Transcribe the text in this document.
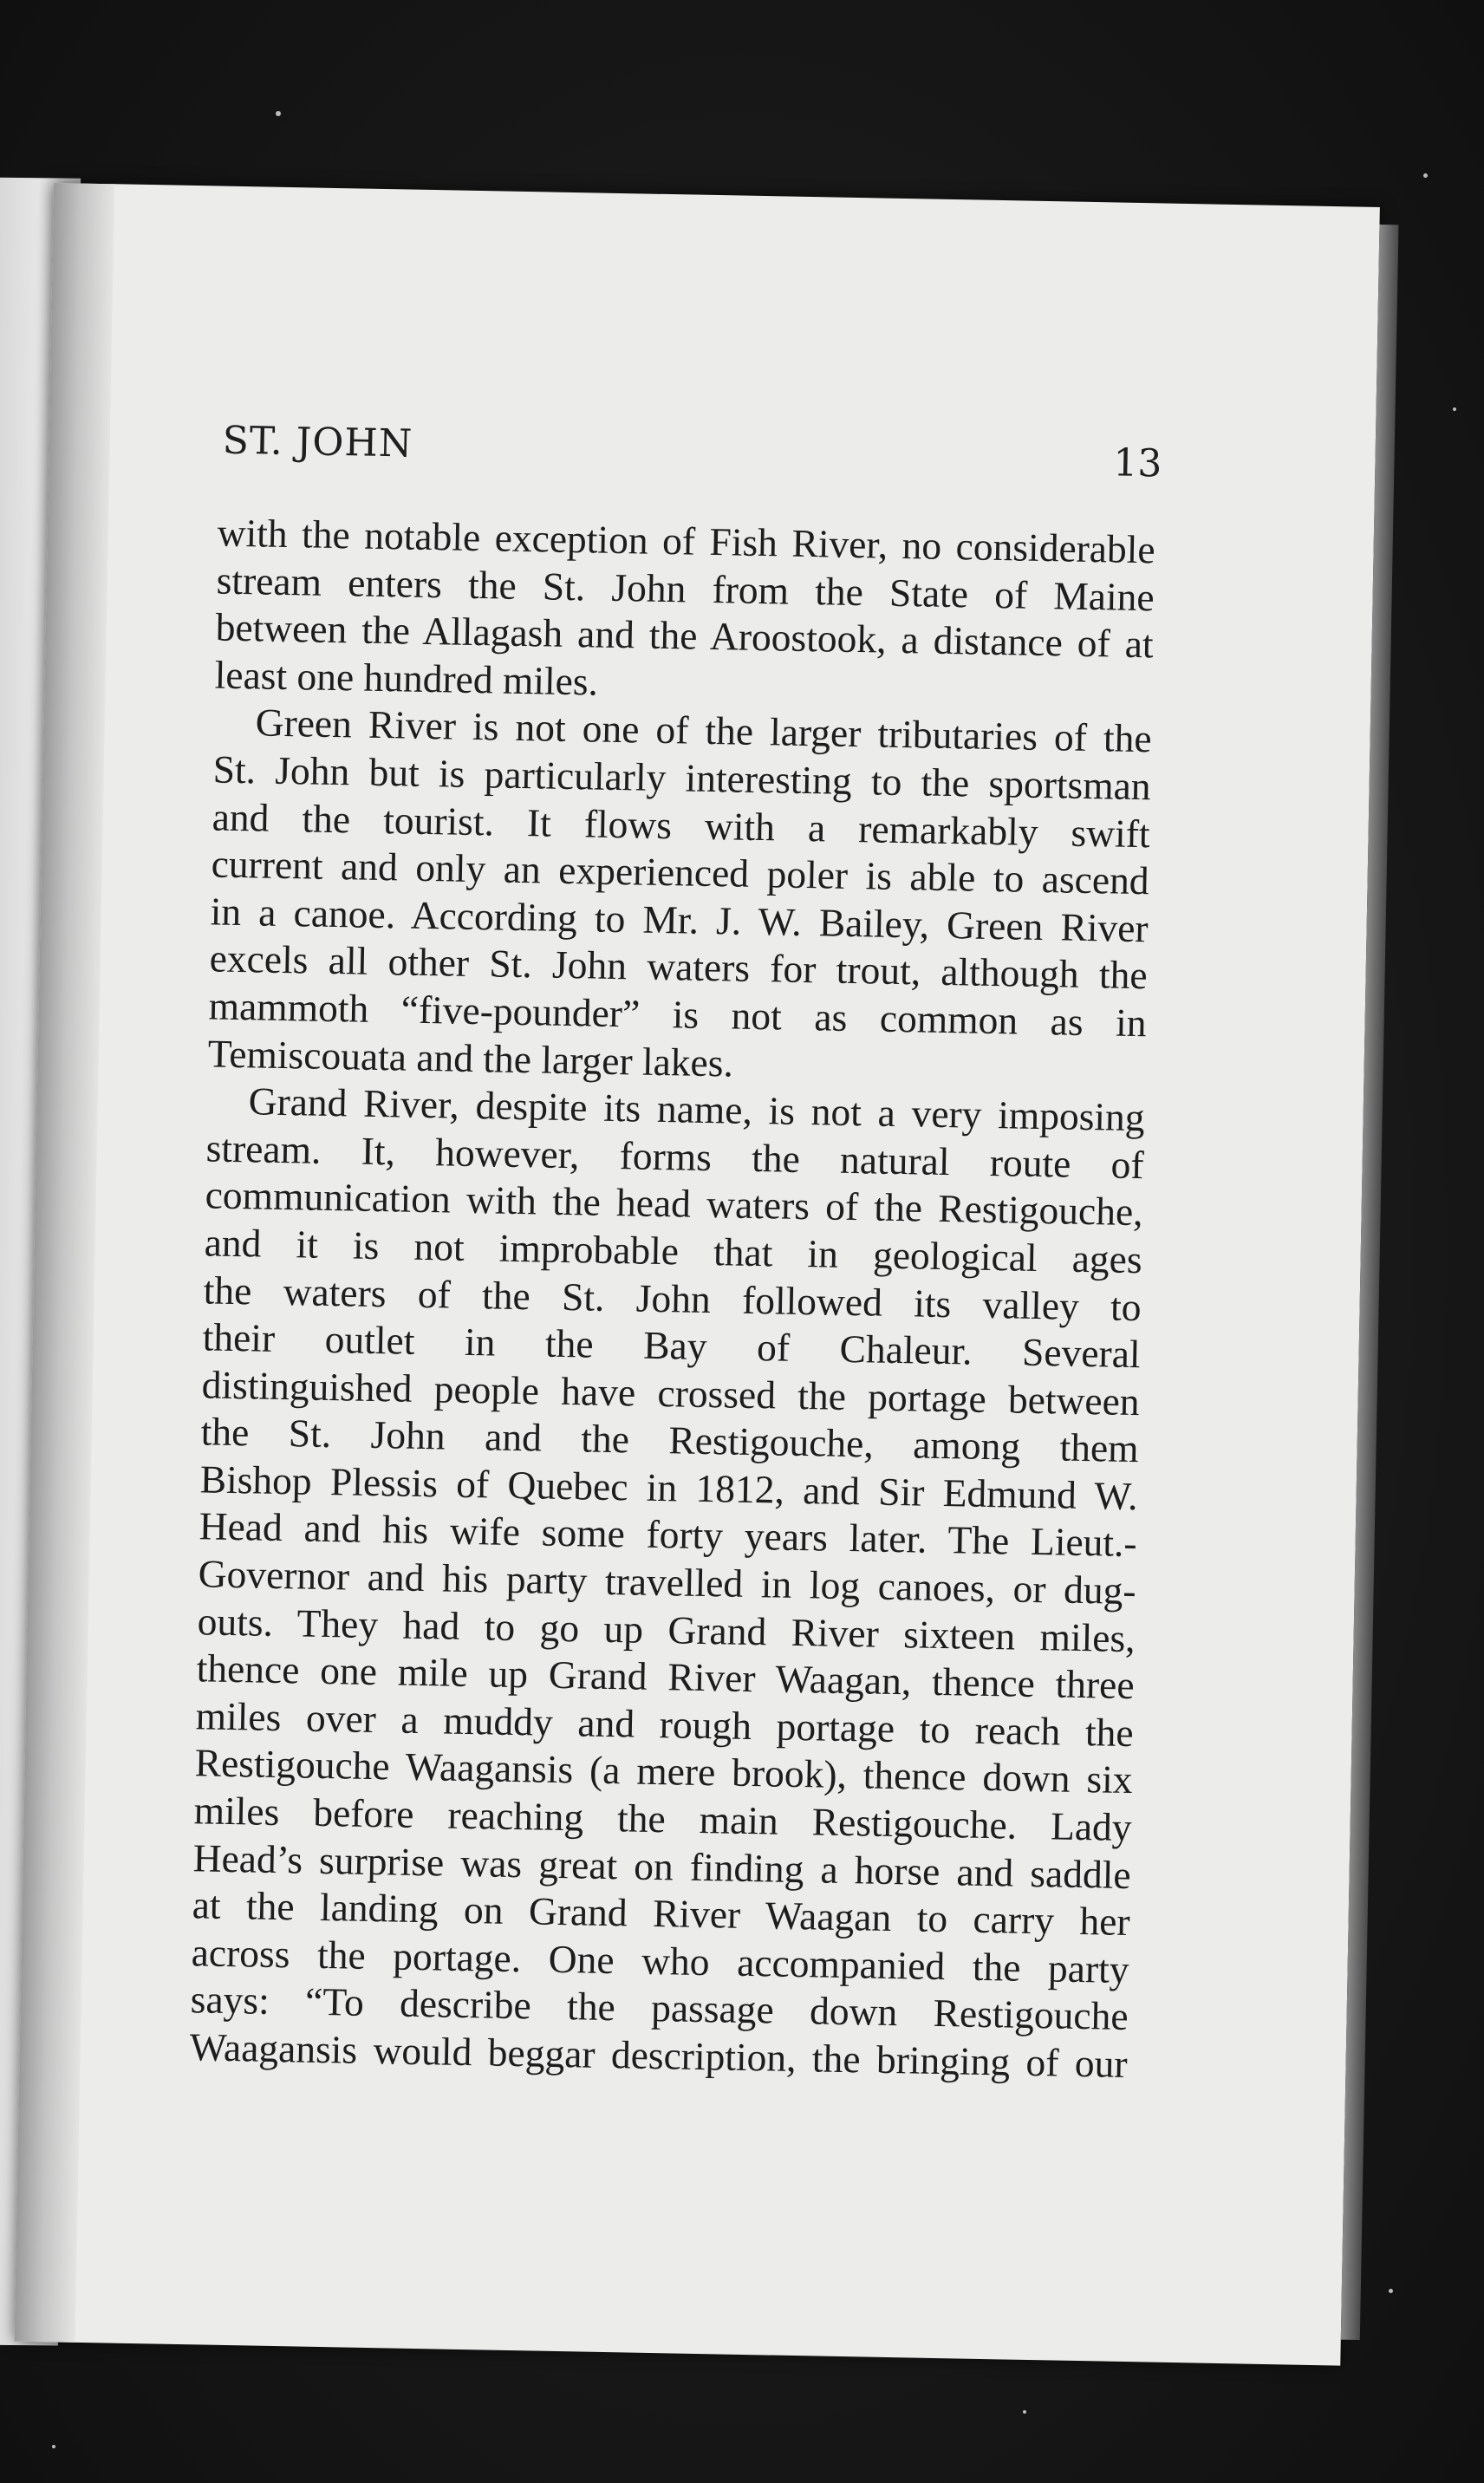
ST. JOHN	13
with the notable exception of Fish River, no considerable
stream enters the St. John from the State of Maine
between the Allagash and the Aroostook, a distance of at
least one hundred miles.
Green River is not one of the larger tributaries of the
St. John but is particularly interesting to the sportsman
and the tourist. It flows with a remarkably swift
current and only an experienced poler is able to ascend
in a canoe. According to Mr. J. W. Bailey, Green River
excels all other St. John waters for trout, although the
mammoth “five-pounder” is not as common as in
Temiscouata and the larger lakes.
Grand River, despite its name, is not a very imposing
stream. It, however, forms the natural route of
communication with the head waters of the Restigouche,
and it is not improbable that in geological ages
the waters of the St. John followed its valley to
their outlet in the Bay of Chaleur. Several
distinguished people have crossed the portage between
the St. John and the Restigouche, among them
Bishop Plessis of Quebec in 1812, and Sir Edmund W.
Head and his wife some forty years later. The Lieut.-
Governor and his party travelled in log canoes, or dug-
outs. They had to go up Grand River sixteen miles,
thence one mile up Grand River Waagan, thence three
miles over a muddy and rough portage to reach the
Restigouche Waagansis (a mere brook), thence down six
miles before reaching the main Restigouche. Lady
Head’s surprise was great on finding a horse and saddle
at the landing on Grand River Waagan to carry her
across the portage. One who accompanied the party
says: “To describe the passage down Restigouche
Waagansis would beggar description, the bringing of our
